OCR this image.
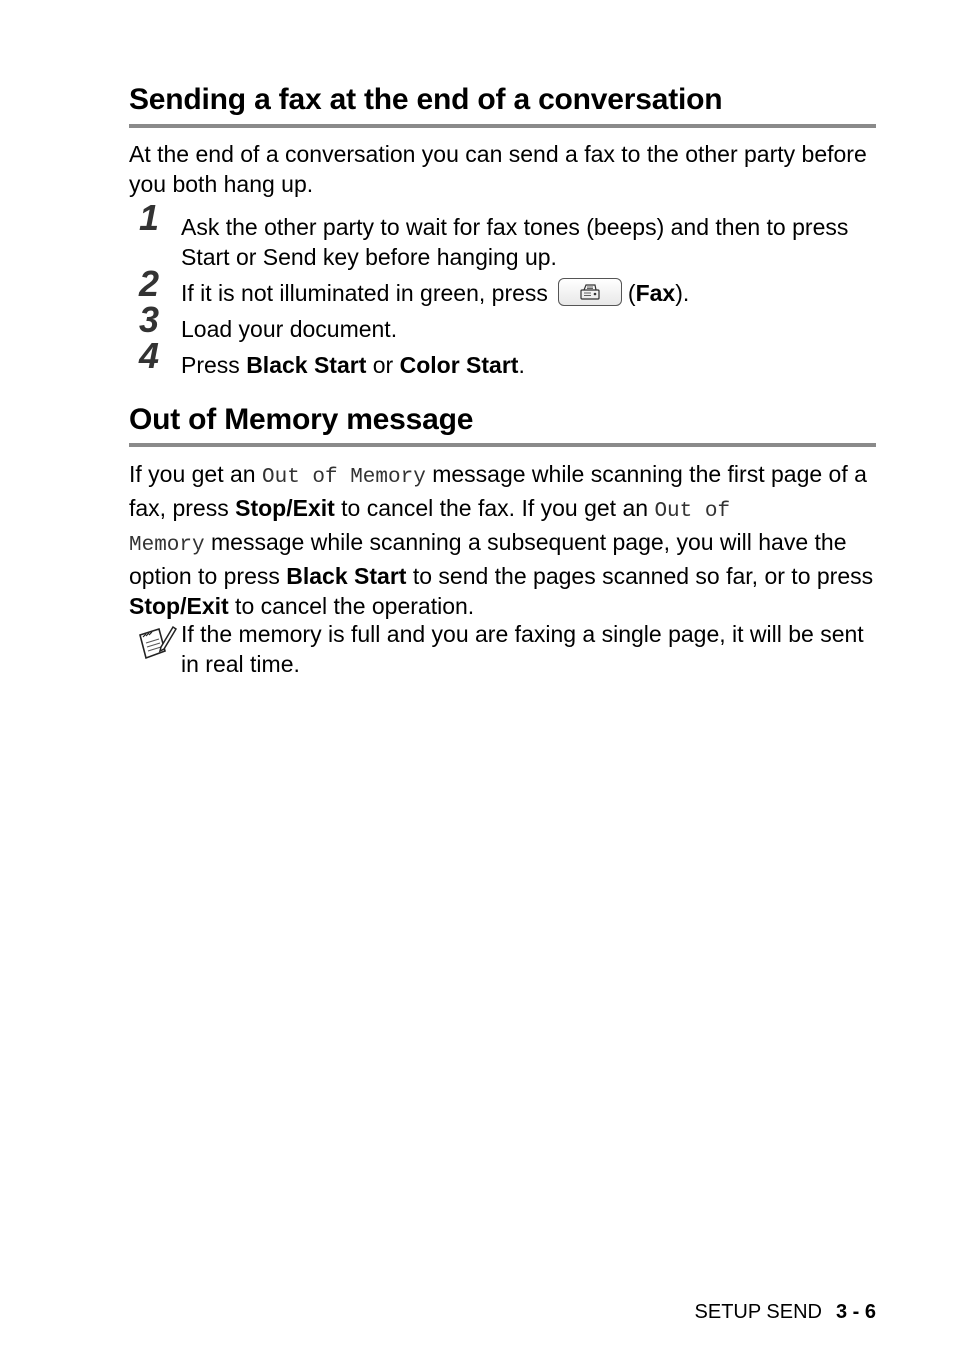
Sending a fax at the end of a conversation

At the end of a conversation you can send a fax to the other party before you both hang up.

1 Ask the other party to wait for fax tones (beeps) and then to press Start or Send key before hanging up.
2 If it is not illuminated in green, press	(Fax).
3 Load your document.
4 Press Black Start or Color Start.
Out of Memory message

If you get an Out of Memory message while scanning the first page of a fax, press Stop/Exit to cancel the fax. If you get an Out of
Memory message while scanning a subsequent page, you will have the option to press Black Start to send the pages scanned so far, or to press Stop/Exit to cancel the operation.

If the memory is full and you are faxing a single page, it will be sent in real time.
SETUP SEND 3 - 6
